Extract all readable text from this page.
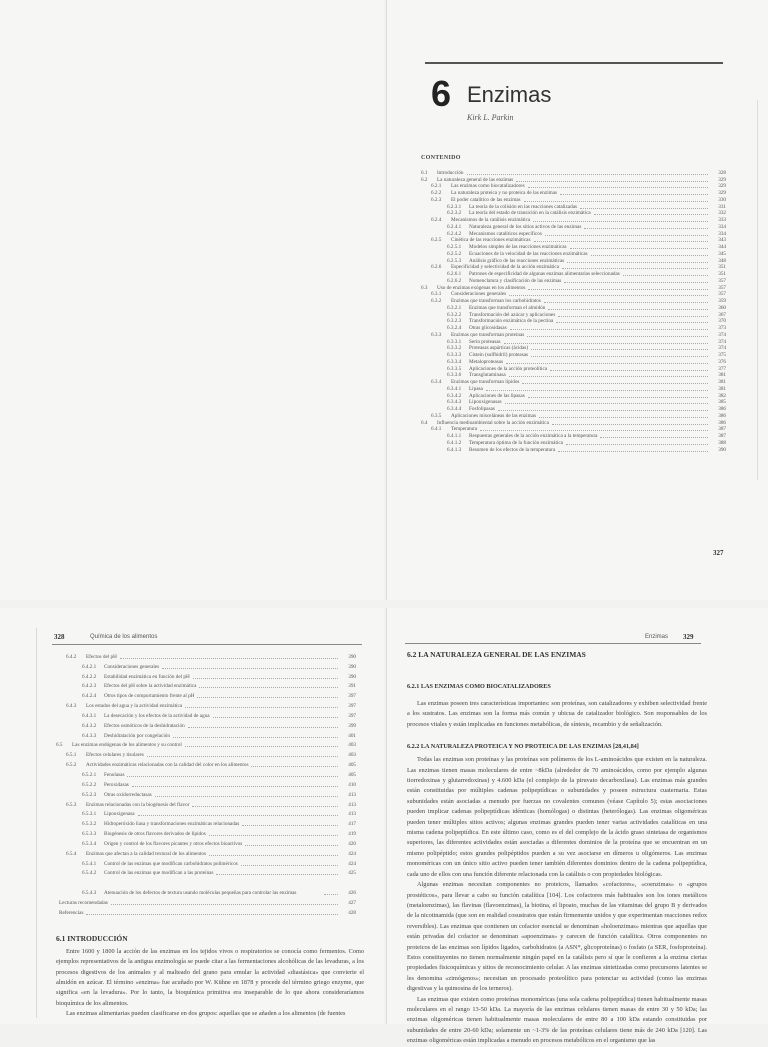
6 Enzimas
Kirk L. Parkin
CONTENIDO
6.1	Introducción	328
6.2	La naturaleza general de las enzimas	329
6.2.1	Las enzimas como biocatalizadores	329
6.2.2	La naturaleza proteica y no proteica de las enzimas	329
6.2.3	El poder catalítico de las enzimas	330
6.2.3.1	La teoría de la colisión en las reacciones catalizadas	331
6.2.3.2	La teoría del estado de transición en la catálisis enzimática	332
6.2.4	Mecanismos de la catálisis enzimática	333
6.2.4.1	Naturaleza general de los sitios activos de las enzimas	334
6.2.4.2	Mecanismos catalíticos específicos	334
6.2.5	Cinética de las reacciones enzimáticas	343
6.2.5.1	Modelos simples de las reacciones enzimáticas	344
6.2.5.2	Ecuaciones de la velocidad de las reacciones enzimáticas	345
6.2.5.3	Análisis gráfico de las reacciones enzimáticas	348
6.2.6	Especificidad y selectividad de la acción enzimática	351
6.2.6.1	Patrones de especificidad de algunas enzimas alimentarias seleccionadas	351
6.2.6.2	Nomenclatura y clasificación de las enzimas	357
6.3	Uso de enzimas exógenas en los alimentos	357
6.3.1	Consideraciones generales	357
6.3.2	Enzimas que transforman los carbohidratos	359
6.3.2.1	Enzimas que transforman el almidón	360
6.3.2.2	Transformación del azúcar y aplicaciones	367
6.3.2.3	Transformación enzimática de la pectina	370
6.3.2.4	Otras glicosidasas	373
6.3.3	Enzimas que transforman proteínas	374
6.3.3.1	Serin proteasas	374
6.3.3.2	Proteasas aspárticas (ácidas)	374
6.3.3.3	Cistein (sulfhidril) proteasas	375
6.3.3.4	Metaloproteasas	376
6.3.3.5	Aplicaciones de la acción proteolítica	377
6.3.3.6	Transglutaminasa	381
6.3.4	Enzimas que transforman lípidos	381
6.3.4.1	Lipasa	381
6.3.4.2	Aplicaciones de las lipasas	382
6.3.4.3	Lipooxigenasas	385
6.3.4.4	Fosfolipasas	386
6.3.5	Aplicaciones misceláneas de las enzimas	386
6.4	Influencia medioambiental sobre la acción enzimática	386
6.4.1	Temperatura	387
6.4.1.1	Respuestas generales de la acción enzimática a la temperatura	387
6.4.1.2	Temperatura óptima de la función enzimática	388
6.4.1.3	Resumen de los efectos de la temperatura	390
327
328	Química de los alimentos
6.4.2	Efectos del pH	390
6.4.2.1	Consideraciones generales	390
6.4.2.2	Estabilidad enzimática en función del pH	390
6.4.2.3	Efectos del pH sobre la actividad enzimática	391
6.4.2.4	Otros tipos de comportamiento frente al pH	397
6.4.3	Los estados del agua y la actividad enzimática	397
6.4.3.1	La desecación y los efectos de la actividad de agua	397
6.4.3.2	Efectos osmóticos de la deshidratación	399
6.4.3.3	Deshidratación por congelación	401
6.5	Las enzimas endógenas de los alimentos y su control	403
6.5.1	Efectos celulares y tisulares	403
6.5.2	Actividades enzimáticas relacionadas con la calidad del color en los alimentos	405
6.5.2.1	Fenolasas	405
6.5.2.2	Peroxidasas	410
6.5.2.3	Otras oxidorreductasas	413
6.5.3	Enzimas relacionadas con la biogénesis del flavor	413
6.5.3.1	Lipooxigenasa	413
6.5.3.2	Hidroperóxido liasa y transformaciones enzimáticas relacionadas	417
6.5.3.3	Biogénesis de otros flavores derivados de lípidos	419
6.5.3.4	Origen y control de los flavores picantes y otros efectos bioactivos	420
6.5.4	Enzimas que afectan a la calidad textural de los alimentos	424
6.5.4.1	Control de las enzimas que modifican carbohidratos poliméricos	424
6.5.4.2	Control de las enzimas que modifican a las proteínas	425
6.5.4.3	Atenuación de los defectos de textura usando moléculas pequeñas para controlar las enzimas	426
Lecturas recomendadas	427
Referencias	428
6.1 INTRODUCCIÓN
Entre 1600 y 1800 la acción de las enzimas en los tejidos vivos o respiratorios se conocía como fermentos. Como ejemplos representativos de la antigua enzimología se puede citar a las fermentaciones alcohólicas de las levaduras, a los procesos digestivos de los animales y al malteado del grano para emular la actividad «diastásica» que convierte el almidón en azúcar. El término «enzima» fue acuñado por W. Kühne en 1878 y procede del término griego enzyme, que significa «en la levadura». Por lo tanto, la bioquímica primitiva era inseparable de lo que ahora consideraríamos bioquímica de los alimentos.
Las enzimas alimentarias pueden clasificarse en dos grupos: aquellas que se añaden a los alimentos (de fuentes
Enzimas 329
6.2 LA NATURALEZA GENERAL DE LAS ENZIMAS
6.2.1 LAS ENZIMAS COMO BIOCATALIZADORES
Las enzimas poseen tres características importantes: son proteínas, son catalizadores y exhiben selectividad frente a los sustratos. Las enzimas son la forma más común y ubicua de catalizador biológico. Son responsables de los procesos vitales y están implicadas en funciones metabólicas, de síntesis, recambio y de señalización.
6.2.2 LA NATURALEZA PROTEICA Y NO PROTEICA DE LAS ENZIMAS [28,41,84]
Todas las enzimas son proteínas y las proteínas son polímeros de los L-aminoácidos que existen en la naturaleza. Las enzimas tienen masas moleculares de entre ~8kDa (alrededor de 70 aminoácidos, como por ejemplo algunas tiorredoxinas y glutarredoxinas) y 4.600 kDa (el complejo de la piruvato decarboxilasa). Las enzimas más grandes están constituidas por múltiples cadenas polipeptídicas o subunidades y poseen estructura cuaternaria. Estas subunidades están asociadas a menudo por fuerzas no covalentes comunes (véase Capítulo 5); estas asociaciones pueden implicar cadenas polipeptídicas idénticas (homólogas) o distintas (heterólogas). Las enzimas oligoméricas pueden tener múltiples sitios activos; algunas enzimas grandes pueden tener varias actividades catalíticas en una misma cadena polipeptídica. En este último caso, como es el del complejo de la ácido graso sintetasa de organismos superiores, las diferentes actividades están asociadas a diferentes dominios de la proteína que se encuentran en un mismo polipéptido; estos grandes polipéptidos pueden a su vez asociarse en dímeros u oligómeros. Las enzimas monoméricas con un único sitio activo pueden tener también diferentes dominios dentro de la cadena polipeptídica, cada uno de ellos con una función diferente relacionada con la catálisis o con propiedades biológicas.
Algunas enzimas necesitan componentes no proteicos, llamados «cofactores», «coenzimas» o «grupos prostéticos», para llevar a cabo su función catalítica [104]. Los cofactores más habituales son los iones metálicos (metaloenzimas), las flavinas (flavoenzimas), la biotina, el lipoato, muchas de las vitaminas del grupo B y derivados de la nicotinamida (que son en realidad cosustratos que están firmemente unidos y que experimentan reacciones redox reversibles). Las enzimas que contienen un cofactor esencial se denominan «holoenzimas» mientras que aquellas que están privadas del cofactor se denominan «apoenzimas» y carecen de función catalítica. Otros componentes no proteicos de las enzimas son lípidos ligados, carbohidratos (a ASN*, glicoproteínas) o fosfato (a SER, fosfoproteína). Estos constituyentes no tienen normalmente ningún papel en la catálisis pero sí que le confieren a la enzima ciertas propiedades fisicoquímicas y sitios de reconocimiento celular. A las enzimas sintetizadas como precursores latentes se les denomina «zimógenos»; necesitan un procesado proteolítico para potenciar su actividad (como las enzimas digestivas y la quimosina de los terneros).
Las enzimas que existen como proteínas monoméricas (una sola cadena polipeptídica) tienen habitualmente masas moleculares en el rango 13-50 kDa. La mayoría de las enzimas celulares tienen masas de entre 30 y 50 kDa; las enzimas oligoméricas tienen habitualmente masas moleculares de entre 80 a 100 kDa estando constituidas por subunidades de entre 20-60 kDa; solamente un ~1-3% de las proteínas celulares tiene más de 240 kDa [120]. Las enzimas oligoméricas están implicadas a menudo en procesos metabólicos en el organismo que las
